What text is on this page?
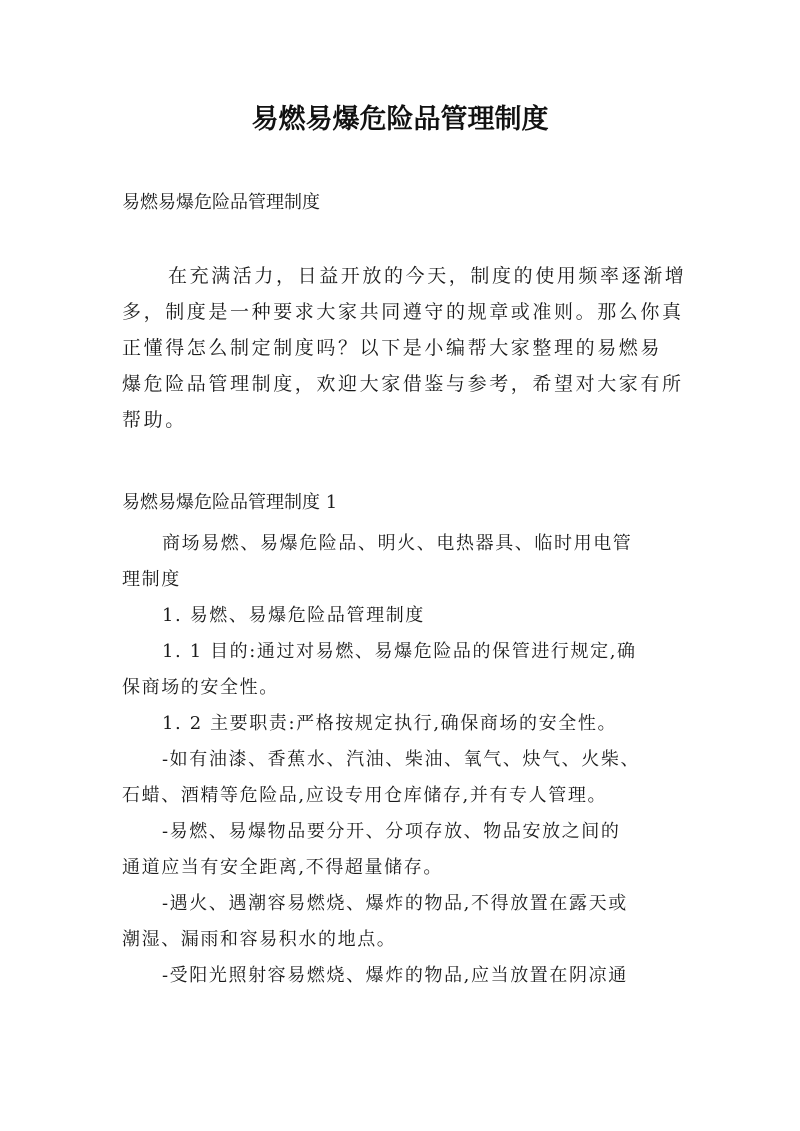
易燃易爆危险品管理制度
易燃易爆危险品管理制度
在充满活力，日益开放的今天，制度的使用频率逐渐增
多，制度是一种要求大家共同遵守的规章或准则。那么你真
正懂得怎么制定制度吗？以下是小编帮大家整理的易燃易
爆危险品管理制度，欢迎大家借鉴与参考，希望对大家有所
帮助。
易燃易爆危险品管理制度 1
商场易燃、易爆危险品、明火、电热器具、临时用电管
理制度
1. 易燃、易爆危险品管理制度
1. 1 目的:通过对易燃、易爆危险品的保管进行规定,确
保商场的安全性。
1. 2 主要职责:严格按规定执行,确保商场的安全性。
-如有油漆、香蕉水、汽油、柴油、氧气、炔气、火柴、
石蜡、酒精等危险品,应设专用仓库储存,并有专人管理。
-易燃、易爆物品要分开、分项存放、物品安放之间的
通道应当有安全距离,不得超量储存。
-遇火、遇潮容易燃烧、爆炸的物品,不得放置在露天或
潮湿、漏雨和容易积水的地点。
-受阳光照射容易燃烧、爆炸的物品,应当放置在阴凉通
